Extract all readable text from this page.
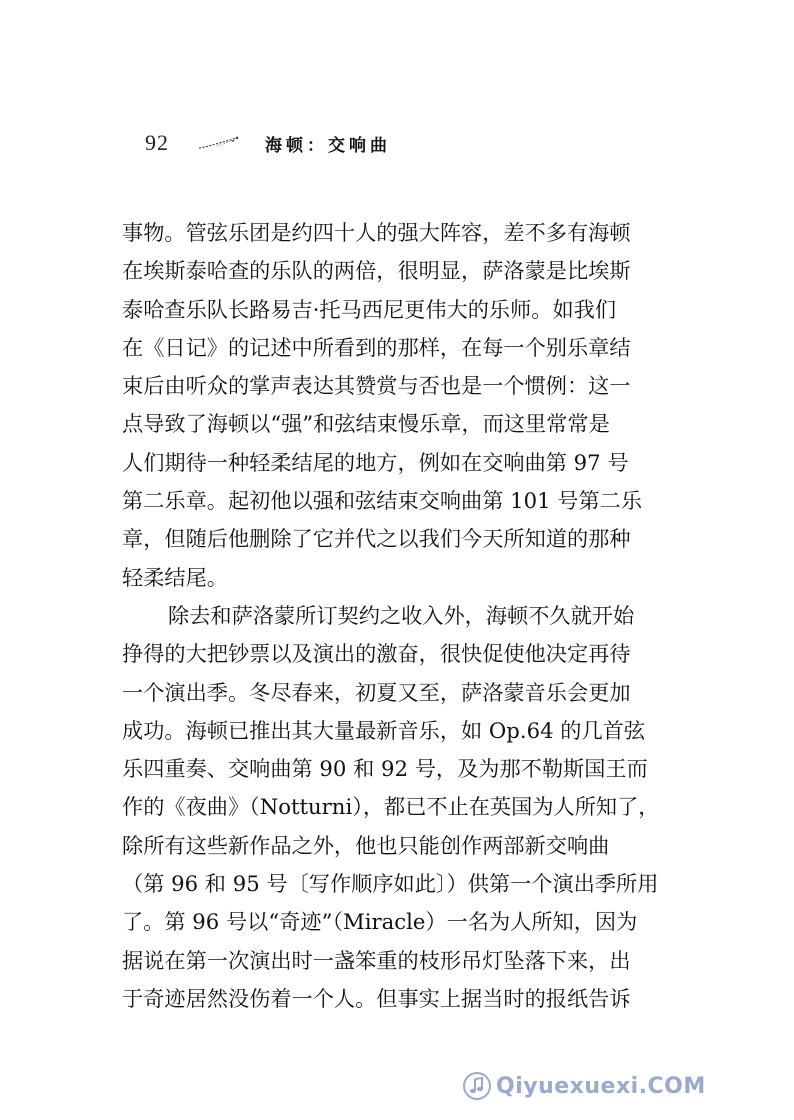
92	海顿：交响曲
事物。管弦乐团是约四十人的强大阵容，差不多有海顿
在埃斯泰哈查的乐队的两倍，很明显，萨洛蒙是比埃斯
泰哈查乐队长路易吉·托马西尼更伟大的乐师。如我们
在《日记》的记述中所看到的那样，在每一个别乐章结
束后由听众的掌声表达其赞赏与否也是一个惯例：这一
点导致了海顿以“强”和弦结束慢乐章，而这里常常是
人们期待一种轻柔结尾的地方，例如在交响曲第 97 号
第二乐章。起初他以强和弦结束交响曲第 101 号第二乐
章，但随后他删除了它并代之以我们今天所知道的那种
轻柔结尾。
除去和萨洛蒙所订契约之收入外，海顿不久就开始
挣得的大把钞票以及演出的激奋，很快促使他决定再待
一个演出季。冬尽春来，初夏又至，萨洛蒙音乐会更加
成功。海顿已推出其大量最新音乐，如 Op.64 的几首弦
乐四重奏、交响曲第 90 和 92 号，及为那不勒斯国王而
作的《夜曲》（Notturni），都已不止在英国为人所知了，
除所有这些新作品之外，他也只能创作两部新交响曲
（第 96 和 95 号〔写作顺序如此〕）供第一个演出季所用
了。第 96 号以“奇迹”（Miracle）一名为人所知，因为
据说在第一次演出时一盏笨重的枝形吊灯坠落下来，出
于奇迹居然没伤着一个人。但事实上据当时的报纸告诉
Qiyuexuexi.COM
